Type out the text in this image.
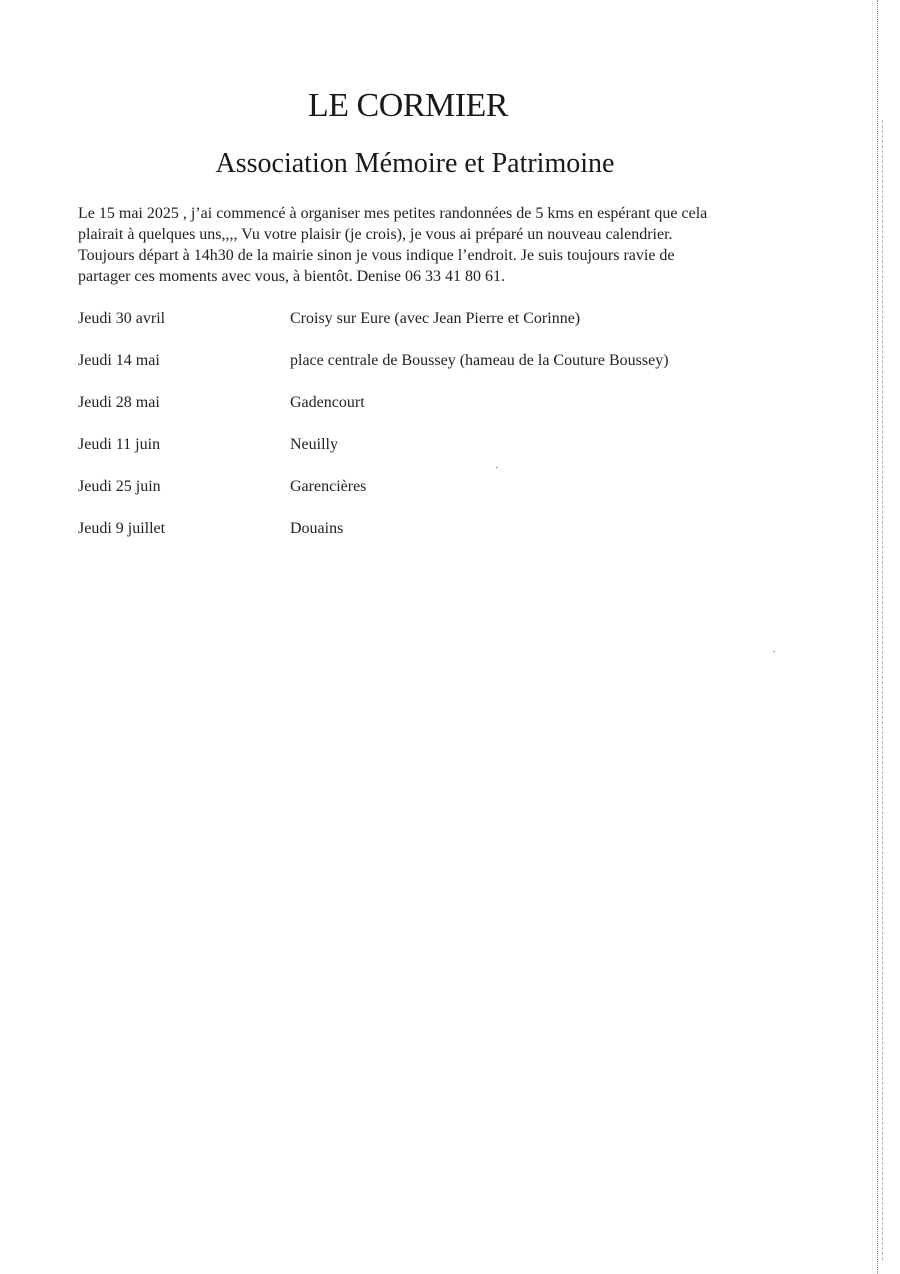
LE CORMIER
Association Mémoire et Patrimoine

Le 15 mai 2025 , j’ai commencé à organiser mes petites randonnées de 5 kms en espérant que cela
plairait à quelques uns,,,, Vu votre plaisir (je crois), je vous ai préparé un nouveau calendrier.
Toujours départ à 14h30 de la mairie sinon je vous indique l’endroit. Je suis toujours ravie de
partager ces moments avec vous, à bientôt. Denise 06 33 41 80 61.

Jeudi 30 avril	Croisy sur Eure (avec Jean Pierre et Corinne)
Jeudi 14 mai	place centrale de Boussey (hameau de la Couture Boussey)
Jeudi 28 mai	Gadencourt
Jeudi 11 juin	Neuilly
Jeudi 25 juin	Garencières
Jeudi 9 juillet	Douains
